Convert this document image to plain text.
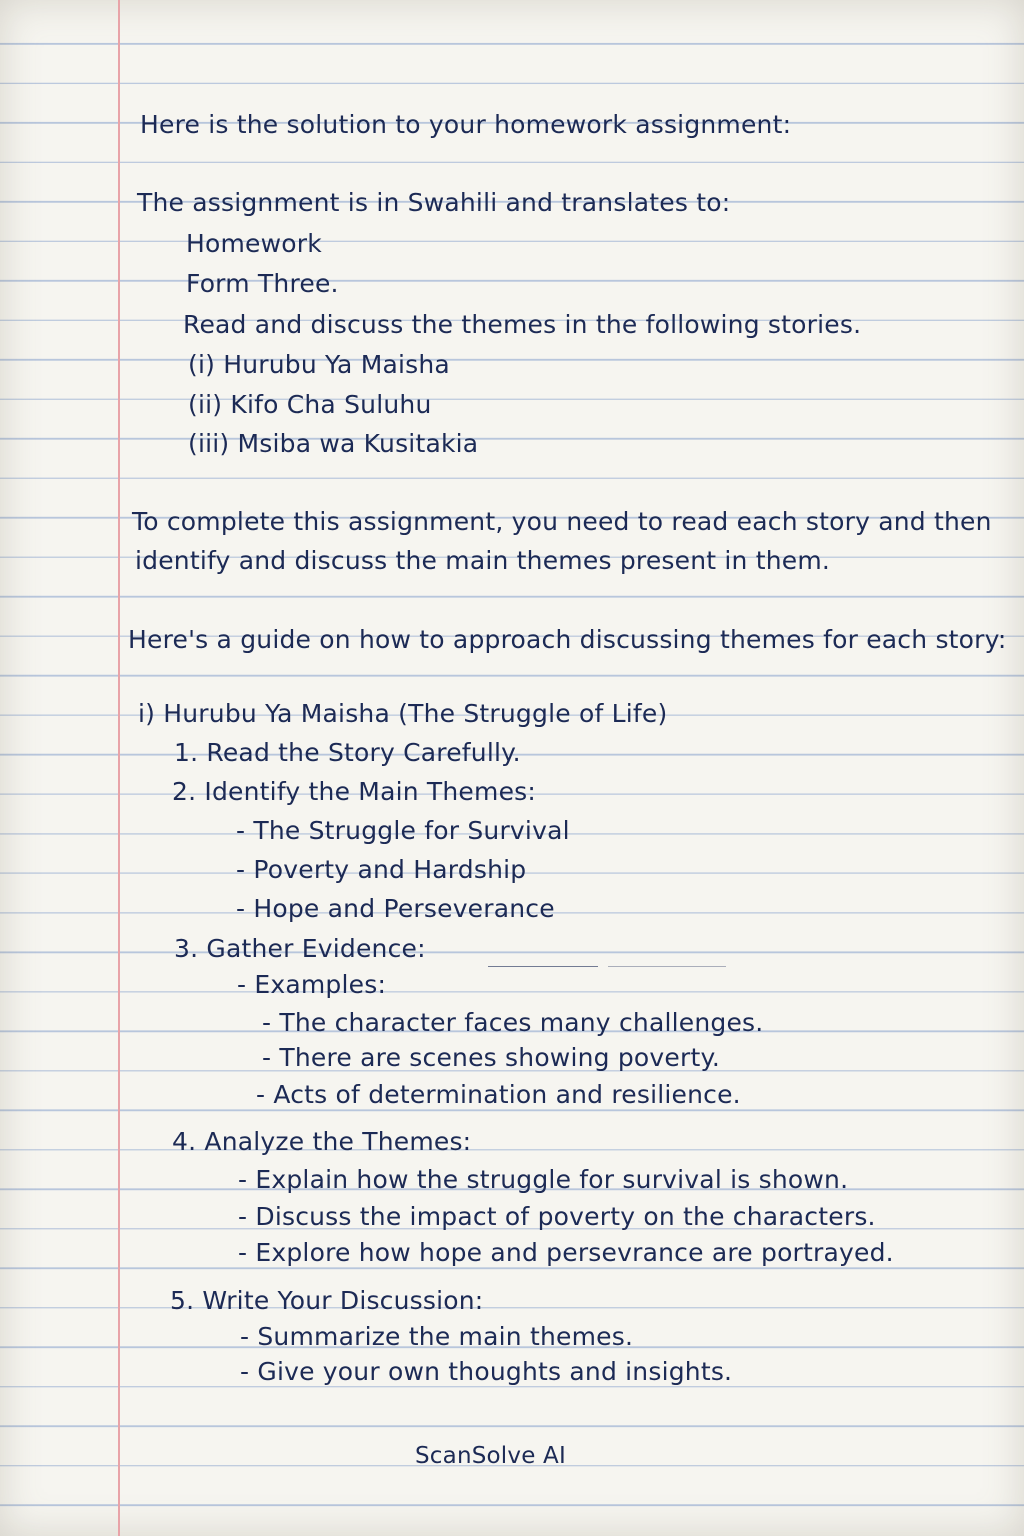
Here is the solution to your homework assignment:
The assignment is in Swahili and translates to:
Homework
Form Three.
Read and discuss the themes in the following stories.
(i) Hurubu Ya Maisha
(ii) Kifo Cha Suluhu
(iii) Msiba wa Kusitakia
To complete this assignment, you need to read each story and then
identify and discuss the main themes present in them.
Here's a guide on how to approach discussing themes for each story:
i) Hurubu Ya Maisha (The Struggle of Life)
1. Read the Story Carefully.
2. Identify the Main Themes:
- The Struggle for Survival
- Poverty and Hardship
- Hope and Perseverance
3. Gather Evidence:
- Examples:
- The character faces many challenges.
- There are scenes showing poverty.
- Acts of determination and resilience.
4. Analyze the Themes:
- Explain how the struggle for survival is shown.
- Discuss the impact of poverty on the characters.
- Explore how hope and persevrance are portrayed.
5. Write Your Discussion:
- Summarize the main themes.
- Give your own thoughts and insights.
ScanSolve AI
